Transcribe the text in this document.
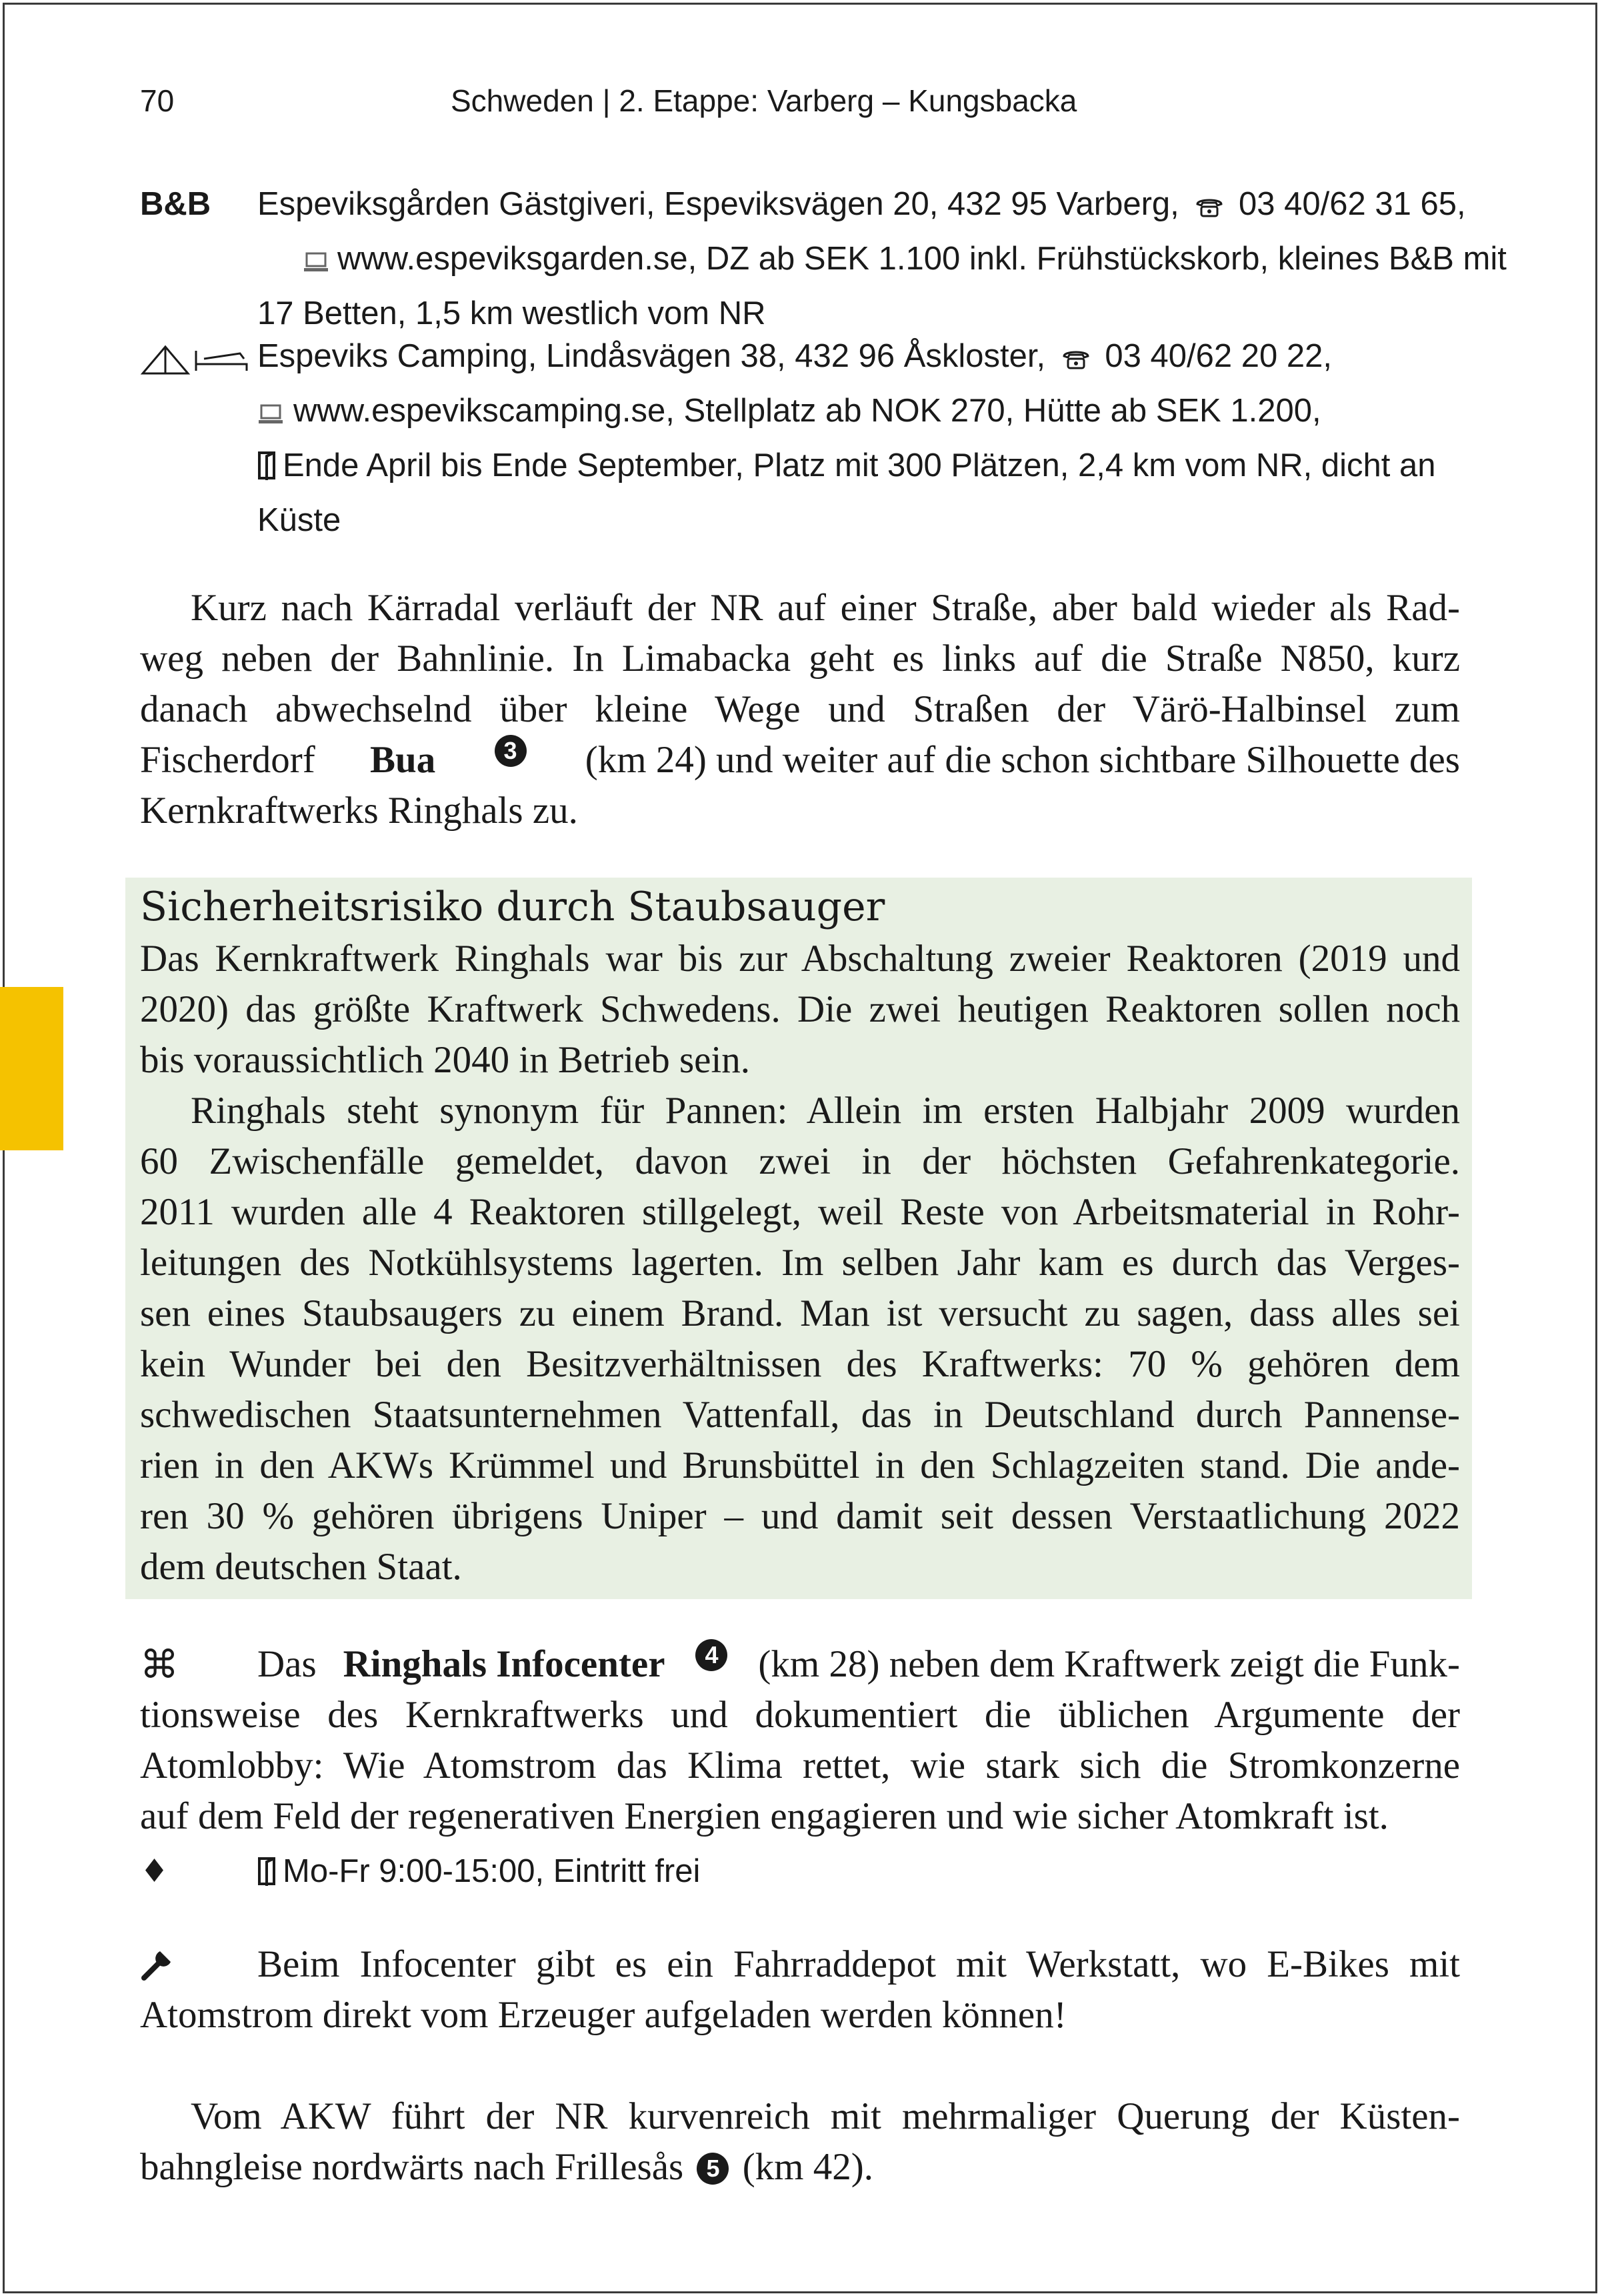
70	Schweden | 2. Etappe: Varberg – Kungsbacka
B&B Espeviksgården Gästgiveri, Espeviksvägen 20, 432 95 Varberg, 03 40/62 31 65,
www.espeviksgarden.se, DZ ab SEK 1.100 inkl. Frühstückskorb, kleines B&B mit
17 Betten, 1,5 km westlich vom NR
Espeviks Camping, Lindåsvägen 38, 432 96 Åskloster, 03 40/62 20 22,
www.espevikscamping.se, Stellplatz ab NOK 270, Hütte ab SEK 1.200,
Ende April bis Ende September, Platz mit 300 Plätzen, 2,4 km vom NR, dicht an
Küste
Kurz nach Kärradal verläuft der NR auf einer Straße, aber bald wieder als Rad-
weg neben der Bahnlinie. In Limabacka geht es links auf die Straße N850, kurz
danach abwechselnd über kleine Wege und Straßen der Värö-Halbinsel zum
Fischerdorf Bua	3 (km 24) und weiter auf die schon sichtbare Silhouette des
Kernkraftwerks Ringhals zu.
Sicherheitsrisiko durch Staubsauger
Das Kernkraftwerk Ringhals war bis zur Abschaltung zweier Reaktoren (2019 und
2020) das größte Kraftwerk Schwedens. Die zwei heutigen Reaktoren sollen noch
bis voraussichtlich 2040 in Betrieb sein.
Ringhals steht synonym für Pannen: Allein im ersten Halbjahr 2009 wurden
60 Zwischenfälle gemeldet, davon zwei in der höchsten Gefahrenkategorie.
2011 wurden alle 4 Reaktoren stillgelegt, weil Reste von Arbeitsmaterial in Rohr-
leitungen des Notkühlsystems lagerten. Im selben Jahr kam es durch das Verges-
sen eines Staubsaugers zu einem Brand. Man ist versucht zu sagen, dass alles sei
kein Wunder bei den Besitzverhältnissen des Kraftwerks: 70 % gehören dem
schwedischen Staatsunternehmen Vattenfall, das in Deutschland durch Pannense-
rien in den AKWs Krümmel und Brunsbüttel in den Schlagzeiten stand. Die ande-
ren 30 % gehören übrigens Uniper – und damit seit dessen Verstaatlichung 2022
dem deutschen Staat.
⌘ Das Ringhals Infocenter	4 (km 28) neben dem Kraftwerk zeigt die Funk-
tionsweise des Kernkraftwerks und dokumentiert die üblichen Argumente der
Atomlobby: Wie Atomstrom das Klima rettet, wie stark sich die Stromkonzerne
auf dem Feld der regenerativen Energien engagieren und wie sicher Atomkraft ist.
♦	Mo-Fr 9:00-15:00, Eintritt frei
Beim Infocenter gibt es ein Fahrraddepot mit Werkstatt, wo E-Bikes mit
Atomstrom direkt vom Erzeuger aufgeladen werden können!
Vom AKW führt der NR kurvenreich mit mehrmaliger Querung der Küsten-
bahngleise nordwärts nach Frillesås 5 (km 42).
